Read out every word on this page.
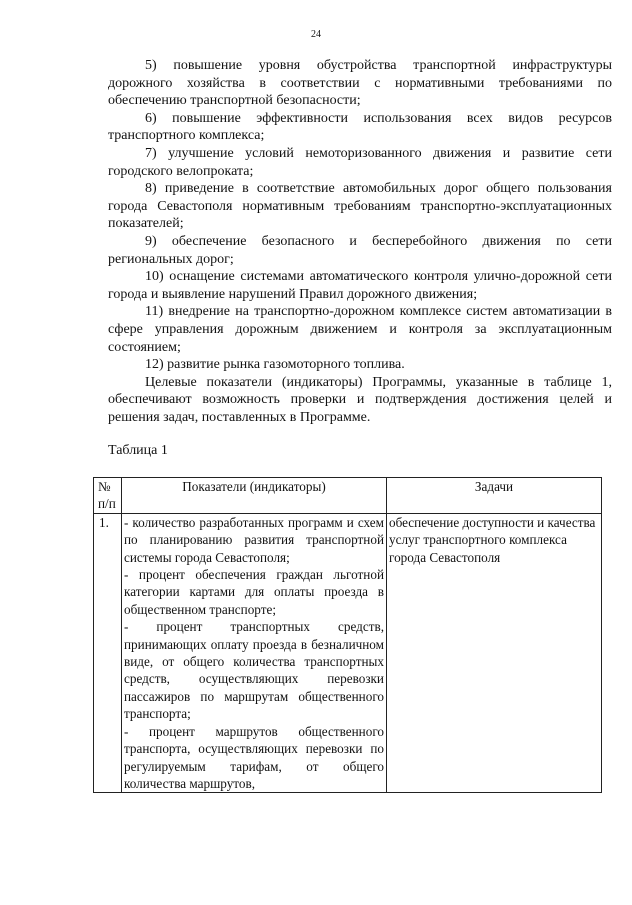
24

5) повышение уровня обустройства транспортной инфраструктуры дорожного хозяйства в соответствии с нормативными требованиями по обеспечению транспортной безопасности;

6) повышение эффективности использования всех видов ресурсов транспортного комплекса;

7) улучшение условий немоторизованного движения и развитие сети городского велопроката;

8) приведение в соответствие автомобильных дорог общего пользования города Севастополя нормативным требованиям транспортно-эксплуатационных показателей;

9) обеспечение безопасного и бесперебойного движения по сети региональных дорог;

10) оснащение системами автоматического контроля улично-дорожной сети города и выявление нарушений Правил дорожного движения;

11) внедрение на транспортно-дорожном комплексе систем автоматизации в сфере управления дорожным движением и контроля за эксплуатационным состоянием;

12) развитие рынка газомоторного топлива.

Целевые показатели (индикаторы) Программы, указанные в таблице 1, обеспечивают возможность проверки и подтверждения достижения целей и решения задач, поставленных в Программе.

Таблица 1
№ п/п	Показатели (индикаторы)	Задачи
1.	- количество разработанных программ и схем по планированию развития транспортной системы города Севастополя;
- процент обеспечения граждан льготной категории картами для оплаты проезда в общественном транспорте;
- процент транспортных средств, принимающих оплату проезда в безналичном виде, от общего количества транспортных средств, осуществляющих перевозки пассажиров по маршрутам общественного транспорта;
- процент маршрутов общественного транспорта, осуществляющих перевозки по регулируемым тарифам, от общего количества маршрутов,	обеспечение доступности и качества услуг транспортного комплекса города Севастополя
